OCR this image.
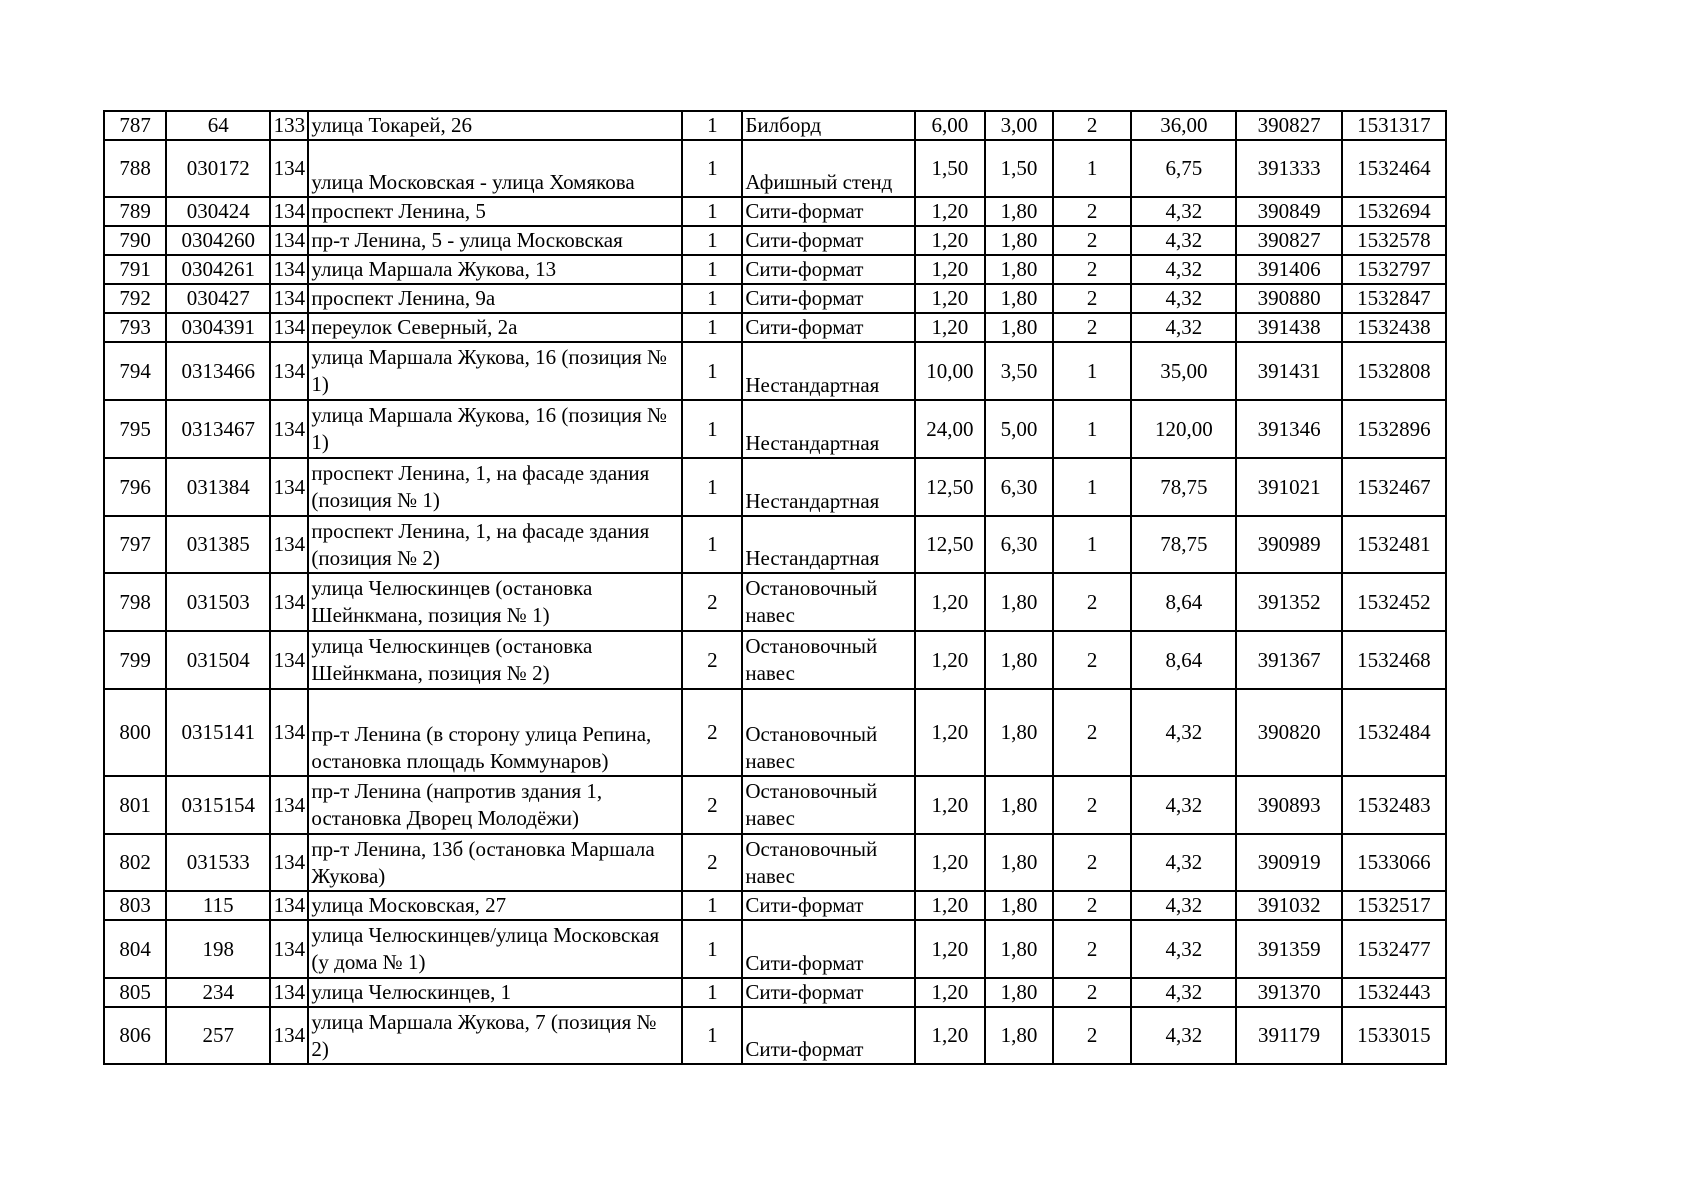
787	64	133	улица Токарей, 26	1	Билборд	6,00	3,00	2	36,00	390827	1531317
788	030172	134	улица Московская - улица Хомякова	1	Афишный стенд	1,50	1,50	1	6,75	391333	1532464
789	030424	134	проспект Ленина, 5	1	Сити-формат	1,20	1,80	2	4,32	390849	1532694
790	0304260	134	пр-т Ленина, 5 - улица Московская	1	Сити-формат	1,20	1,80	2	4,32	390827	1532578
791	0304261	134	улица Маршала Жукова, 13	1	Сити-формат	1,20	1,80	2	4,32	391406	1532797
792	030427	134	проспект Ленина, 9а	1	Сити-формат	1,20	1,80	2	4,32	390880	1532847
793	0304391	134	переулок Северный, 2а	1	Сити-формат	1,20	1,80	2	4,32	391438	1532438
794	0313466	134	улица Маршала Жукова, 16 (позиция № 1)	1	Нестандартная	10,00	3,50	1	35,00	391431	1532808
795	0313467	134	улица Маршала Жукова, 16 (позиция № 1)	1	Нестандартная	24,00	5,00	1	120,00	391346	1532896
796	031384	134	проспект Ленина, 1, на фасаде здания (позиция № 1)	1	Нестандартная	12,50	6,30	1	78,75	391021	1532467
797	031385	134	проспект Ленина, 1, на фасаде здания (позиция № 2)	1	Нестандартная	12,50	6,30	1	78,75	390989	1532481
798	031503	134	улица Челюскинцев (остановка Шейнкмана, позиция № 1)	2	Остановочный навес	1,20	1,80	2	8,64	391352	1532452
799	031504	134	улица Челюскинцев (остановка Шейнкмана, позиция № 2)	2	Остановочный навес	1,20	1,80	2	8,64	391367	1532468
800	0315141	134	пр-т Ленина (в сторону улица Репина, остановка площадь Коммунаров)	2	Остановочный навес	1,20	1,80	2	4,32	390820	1532484
801	0315154	134	пр-т Ленина (напротив здания 1, остановка Дворец Молодёжи)	2	Остановочный навес	1,20	1,80	2	4,32	390893	1532483
802	031533	134	пр-т Ленина, 13б (остановка Маршала Жукова)	2	Остановочный навес	1,20	1,80	2	4,32	390919	1533066
803	115	134	улица Московская, 27	1	Сити-формат	1,20	1,80	2	4,32	391032	1532517
804	198	134	улица Челюскинцев/улица Московская (у дома № 1)	1	Сити-формат	1,20	1,80	2	4,32	391359	1532477
805	234	134	улица Челюскинцев, 1	1	Сити-формат	1,20	1,80	2	4,32	391370	1532443
806	257	134	улица Маршала Жукова, 7 (позиция № 2)	1	Сити-формат	1,20	1,80	2	4,32	391179	1533015
